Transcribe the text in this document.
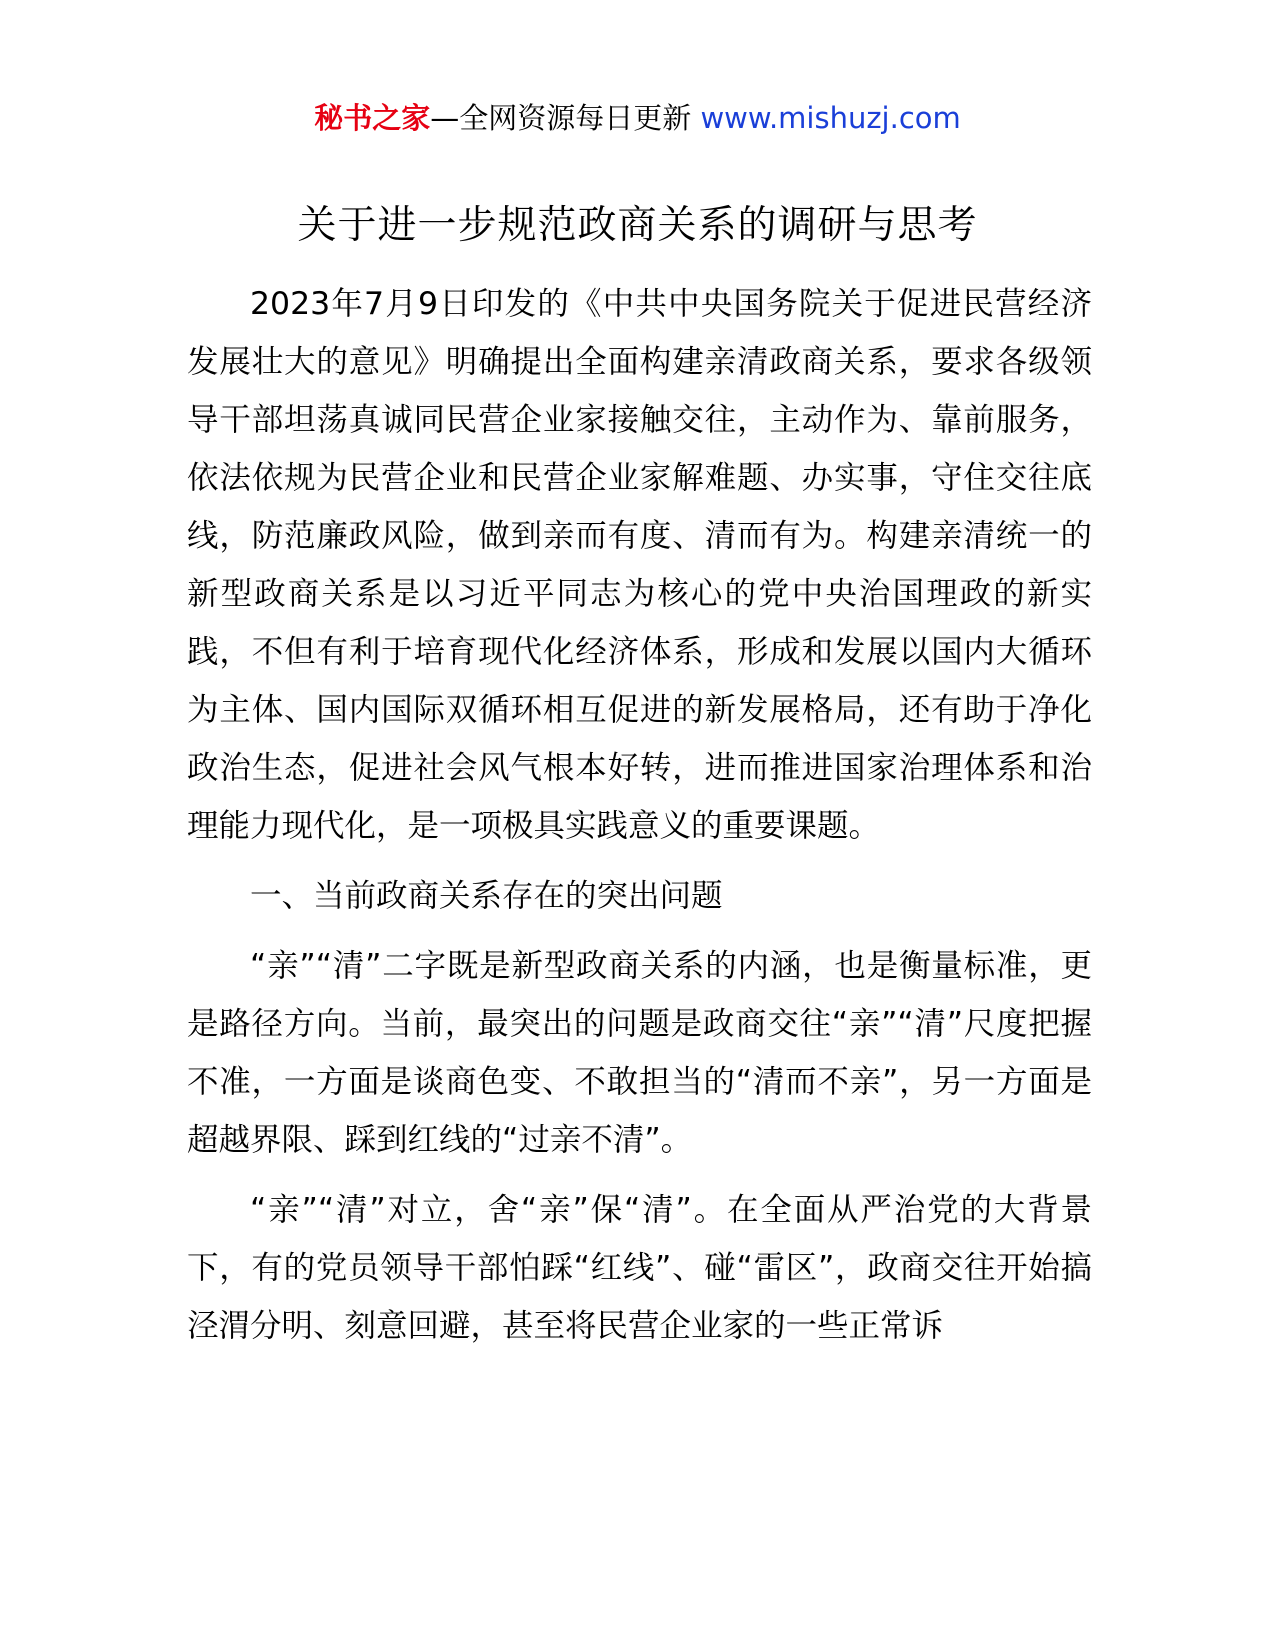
秘书之家—全网资源每日更新 www.mishuzj.com
关于进一步规范政商关系的调研与思考

2023年7月9日印发的《中共中央国务院关于促进民营经济发展壮大的意见》明确提出全面构建亲清政商关系，要求各级领导干部坦荡真诚同民营企业家接触交往，主动作为、靠前服务，依法依规为民营企业和民营企业家解难题、办实事，守住交往底线，防范廉政风险，做到亲而有度、清而有为。构建亲清统一的新型政商关系是以习近平同志为核心的党中央治国理政的新实践，不但有利于培育现代化经济体系，形成和发展以国内大循环为主体、国内国际双循环相互促进的新发展格局，还有助于净化政治生态，促进社会风气根本好转，进而推进国家治理体系和治理能力现代化，是一项极具实践意义的重要课题。

一、当前政商关系存在的突出问题

“亲”“清”二字既是新型政商关系的内涵，也是衡量标准，更是路径方向。当前，最突出的问题是政商交往“亲”“清”尺度把握不准，一方面是谈商色变、不敢担当的“清而不亲”，另一方面是超越界限、踩到红线的“过亲不清”。

“亲”“清”对立，舍“亲”保“清”。在全面从严治党的大背景下，有的党员领导干部怕踩“红线”、碰“雷区”，政商交往开始搞泾渭分明、刻意回避，甚至将民营企业家的一些正常诉
